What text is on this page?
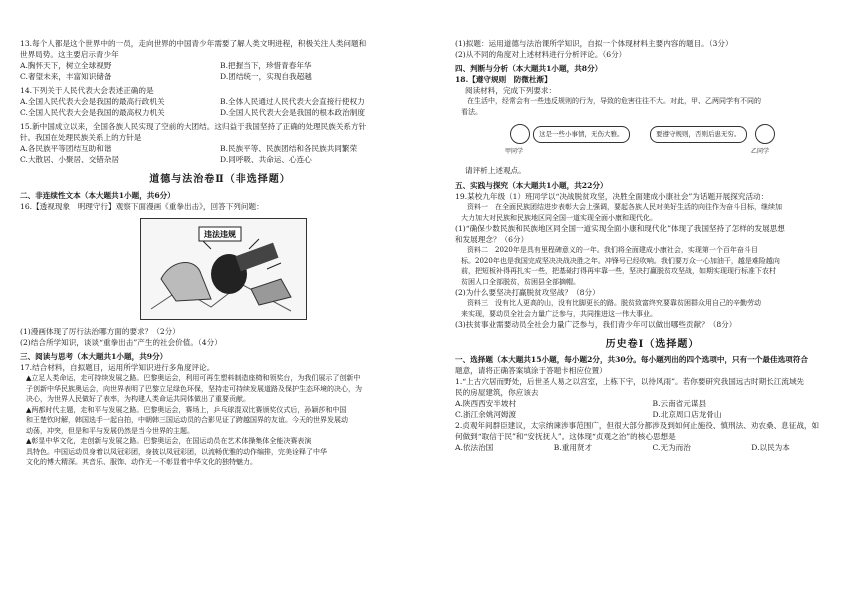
13.每个人都是这个世界中的一员，走向世界的中国青少年需要了解人类文明进程，积极关注人类问题和

世界局势。这主要启示青少年

A.胸怀天下，树立全球视野	B.把握当下，珍惜青春年华
C.奢望未来，丰富知识储备	D.团结统一，实现自我超越

14.下列关于人民代表大会表述正确的是

A.全国人民代表大会是我国的最高行政机关	B.全体人民通过人民代表大会直接行使权力
C.全国人民代表大会是我国的最高权力机关	D.全国人民代表大会是我国的根本政治制度

15.新中国成立以来，全国各族人民实现了空前的大团结。这归益于我国坚持了正确的处理民族关系方针

针。我国在处理民族关系上的方针是

A.各民族平等团结互助和谐	B.民族平等、民族团结和各民族共同繁荣
C.大散居、小聚居、交错杂居	D.同呼吸、共命运、心连心

道德与法治卷Ⅱ（非选择题）

二、非连续性文本（本大题共1小题，共6分）

16.【透视现象　明理守行】观察下面漫画《重拳出击》，回答下列问题：

违法违规

(1)漫画体现了厉行法治哪方面的要求？（2分）

(2)结合所学知识，谈谈“重拳出击”产生的社会价值。（4分）

三、阅读与思考（本大题共1小题，共9分）

17.结合材料，自拟题目，运用所学知识进行多角度评论。

▲立足人类命运，走可持续发展之路。巴黎奥运会，利用可再生塑料制造座椅和领奖台，为我们展示了创新中

子创新中华民族奥运会，向世界表明了巴黎立足绿色环保，坚持走可持续发展道路及保护生态环境的决心，为

决心，为世界人民做好了表率，为构建人类命运共同体做出了重要贡献。

▲两都时代主题，走和平与发展之路。巴黎奥运会，赛场上，乒乓球混双比赛颁奖仪式后，孙颖莎和中国

和王楚钦时解，韩国选手一起自拍，中朝韩三国运动员的合影见证了跨越国界的友谊。今天的世界发展动

动荡，冲突，但是和平与发展仍然是当今世界的主题。

▲彰显中华文化，走创新与发展之路。巴黎奥运会，在国运动员在艺术体操集体全能决赛表演

具特色。中国运动员身着以凤冠彩团，身披以凤冠彩团，以流畅优雅的动作编排，完美诠释了中华

文化的博大精深。其音乐、服饰、动作无一不彰显着中华文化的独特魅力。

(1)拟题：运用道德与法治课所学知识，自拟一个体现材料主要内容的题目。（3分）

(2)从不同的角度对上述材料进行分析评论。（6分）

四、判断与分析（本大题共1小题，共8分）

18.【遵守规则　防微杜渐】

阅读材料，完成下列要求：

在生活中，经常会有一些违反规则的行为，导致的危害往往不大。对此，甲、乙两同学有不同的

看法。

甲同学
这是一些小事情，无伤大雅。	要遵守规则，否则后患无穷。
乙同学

请评析上述观点。

五、实践与探究（本大题共1小题，共22分）

19.某校九年级（1）班同学以“决战脱贫攻坚，决胜全面建成小康社会”为话题开展探究活动：

资料一　在全面民族团结进步表彰大会上强调，要起各族人民对美好生活的向往作为奋斗目标，继续加

大力加大对民族和民族地区同全国一道实现全面小康和现代化。

(1)“确保少数民族和民族地区同全国一道实现全面小康和现代化”体现了我国坚持了怎样的发展思想

和发展理念？（6分）

资料二　2020年是具有里程碑意义的一年。我们将全面建成小康社会，实现第一个百年奋斗目

标。2020年也是我国完成坚决决战决胜之年。冲锋号已经吹响。我们要万众一心加油干，越是难险越向

前，把短板补得再扎实一些，把基础打得再牢靠一些，坚决打赢脱贫攻坚战，如期实现现行标准下农村

贫困人口全部脱贫，贫困县全部摘帽。

(2)为什么要坚决打赢脱贫攻坚战？（8分）

资料三　没有比人更高的山，没有比脚更长的路。脱贫致富终究要靠贫困群众用自己的辛勤劳动

来实现，要动员全社会力量广泛参与，共同推进这一伟大事业。

(3)扶贫事业需要动员全社会力量广泛参与，我们青少年可以做出哪些贡献？（8分）

历史卷Ⅰ（选择题）

一、选择题（本大题共15小题，每小题2分，共30分。每小题列出的四个选项中，只有一个最佳选项符合

题意，请将正确答案填涂于答题卡相应位置）

1.“上古穴居而野处，后世圣人易之以宫室，上栋下宇，以待风雨”。若你要研究我国远古时期长江流域先

民的房屋建筑，你应该去

A.陕西西安半坡村	B.云南省元谋县
C.浙江余姚河姆渡	D.北京周口店龙骨山

2.贞观年间群臣建议，太宗纳谏涉事范围广，但很大部分都涉及到如何止施役、慎刑法、劝农桑、息征战，如

何做到“取信于民”和“安抚抚人”。这体现“贞观之治”的核心思想是

A.依法治国	B.重用贤才	C.无为而治	D.以民为本
